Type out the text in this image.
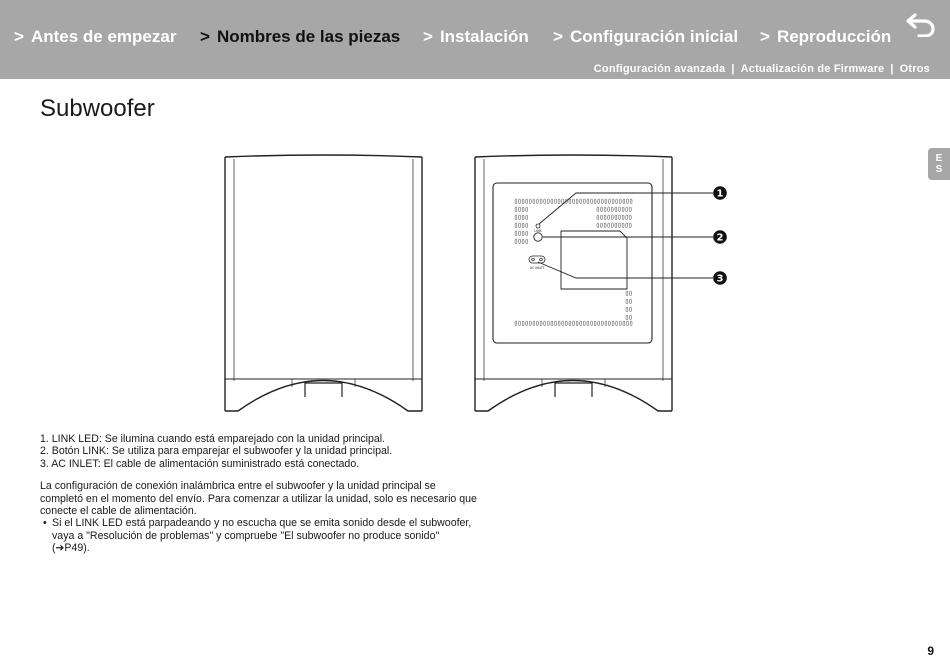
> Antes de empezar > Nombres de las piezas > Instalación > Configuración inicial > Reproducción
Configuración avanzada | Actualización de Firmware | Otros
Subwoofer
E
S
LINK
AC INLET
1
2
3
1. LINK LED: Se ilumina cuando está emparejado con la unidad principal.
2. Botón LINK: Se utiliza para emparejar el subwoofer y la unidad principal.
3. AC INLET: El cable de alimentación suministrado está conectado.

La configuración de conexión inalámbrica entre el subwoofer y la unidad principal se completó en el momento del envío. Para comenzar a utilizar la unidad, solo es necesario que conecte el cable de alimentación.

• Si el LINK LED está parpadeando y no escucha que se emita sonido desde el subwoofer, vaya a "Resolución de problemas" y compruebe "El subwoofer no produce sonido"
(➔P49).

9
